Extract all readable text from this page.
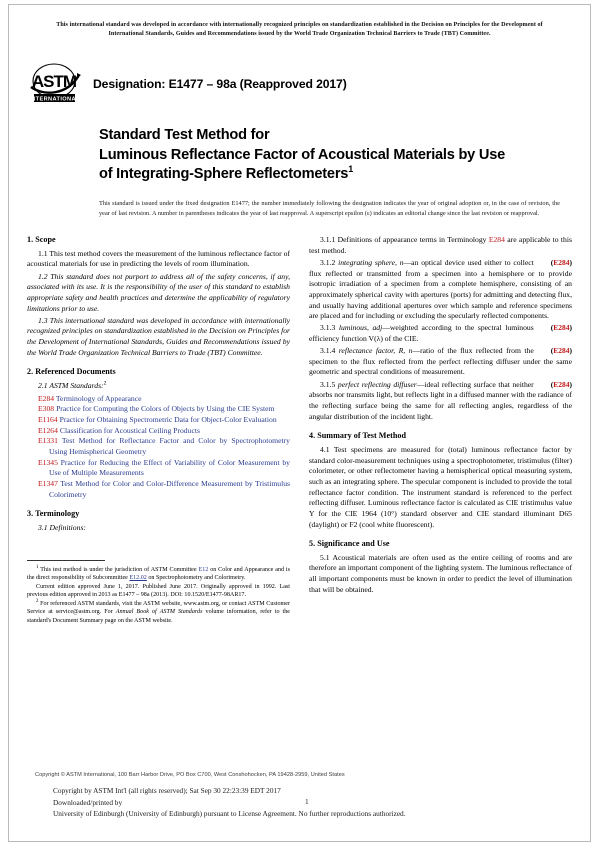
This international standard was developed in accordance with internationally recognized principles on standardization established in the Decision on Principles for the Development of International Standards, Guides and Recommendations issued by the World Trade Organization Technical Barriers to Trade (TBT) Committee.
ASTM
INTERNATIONAL
Designation: E1477 – 98a (Reapproved 2017)
Standard Test Method for
Luminous Reflectance Factor of Acoustical Materials by Use
of Integrating-Sphere Reflectometers$^1$
This standard is issued under the fixed designation E1477; the number immediately following the designation indicates the year of original adoption or, in the case of revision, the year of last revision. A number in parentheses indicates the year of last reapproval. A superscript epsilon (ε) indicates an editorial change since the last revision or reapproval.
1. Scope

1.1 This test method covers the measurement of the luminous reflectance factor of acoustical materials for use in predicting the levels of room illumination.

1.2 This standard does not purport to address all of the safety concerns, if any, associated with its use. It is the responsibility of the user of this standard to establish appropriate safety and health practices and determine the applicability of regulatory limitations prior to use.

1.3 This international standard was developed in accordance with internationally recognized principles on standardization established in the Decision on Principles for the Development of International Standards, Guides and Recommendations issued by the World Trade Organization Technical Barriers to Trade (TBT) Committee.

2. Referenced Documents

2.1 ASTM Standards:$^2$

E284 Terminology of Appearance

E308 Practice for Computing the Colors of Objects by Using the CIE System

E1164 Practice for Obtaining Spectrometric Data for Object-Color Evaluation

E1264 Classification for Acoustical Ceiling Products

E1331 Test Method for Reflectance Factor and Color by Spectrophotometry Using Hemispherical Geometry

E1345 Practice for Reducing the Effect of Variability of Color Measurement by Use of Multiple Measurements

E1347 Test Method for Color and Color-Difference Measurement by Tristimulus Colorimetry

3. Terminology

3.1 Definitions:

$^1$ This test method is under the jurisdiction of ASTM Committee E12 on Color and Appearance and is the direct responsibility of Subcommittee E12.02 on Spectrophotometry and Colorimetry.

Current edition approved June 1, 2017. Published June 2017. Originally approved in 1992. Last previous edition approved in 2013 as E1477 – 98a (2013). DOI: 10.1520/E1477-98AR17.

$^2$ For referenced ASTM standards, visit the ASTM website, www.astm.org, or contact ASTM Customer Service at service@astm.org. For Annual Book of ASTM Standards volume information, refer to the standard's Document Summary page on the ASTM website.

3.1.1 Definitions of appearance terms in Terminology E284 are applicable to this test method.

(E284)
3.1.2 integrating sphere, n—an optical device used either to collect flux reflected or transmitted from a specimen into a hemisphere or to provide isotropic irradiation of a specimen from a complete hemisphere, consisting of an approximately spherical cavity with apertures (ports) for admitting and detecting flux, and usually having additional apertures over which sample and reference specimens are placed and for including or excluding the specularly reflected components.

(E284)
3.1.3 luminous, adj—weighted according to the spectral luminous efficiency function V(λ) of the CIE.

(E284)
3.1.4 reflectance factor, R, n—ratio of the flux reflected from the specimen to the flux reflected from the perfect reflecting diffuser under the same geometric and spectral conditions of measurement.

(E284)
3.1.5 perfect reflecting diffuser—ideal reflecting surface that neither absorbs nor transmits light, but reflects light in a diffused manner with the radiance of the reflecting surface being the same for all reflecting angles, regardless of the angular distribution of the incident light.

4. Summary of Test Method

4.1 Test specimens are measured for (total) luminous reflectance factor by standard color-measurement techniques using a spectrophotometer, tristimulus (filter) colorimeter, or other reflectometer having a hemispherical optical measuring system, such as an integrating sphere. The specular component is included to provide the total reflectance factor condition. The instrument standard is referenced to the perfect reflecting diffuser. Luminous reflectance factor is calculated as CIE tristimulus value Y for the CIE 1964 (10°) standard observer and CIE standard illuminant D65 (daylight) or F2 (cool white fluorescent).

5. Significance and Use

5.1 Acoustical materials are often used as the entire ceiling of rooms and are therefore an important component of the lighting system. The luminous reflectance of all important components must be known in order to predict the level of illumination that will be obtained.

Copyright © ASTM International, 100 Barr Harbor Drive, PO Box C700, West Conshohocken, PA 19428-2959, United States
Copyright by ASTM Int'l (all rights reserved); Sat Sep 30 22:23:39 EDT 2017
Downloaded/printed by
University of Edinburgh (University of Edinburgh) pursuant to License Agreement. No further reproductions authorized.
1
